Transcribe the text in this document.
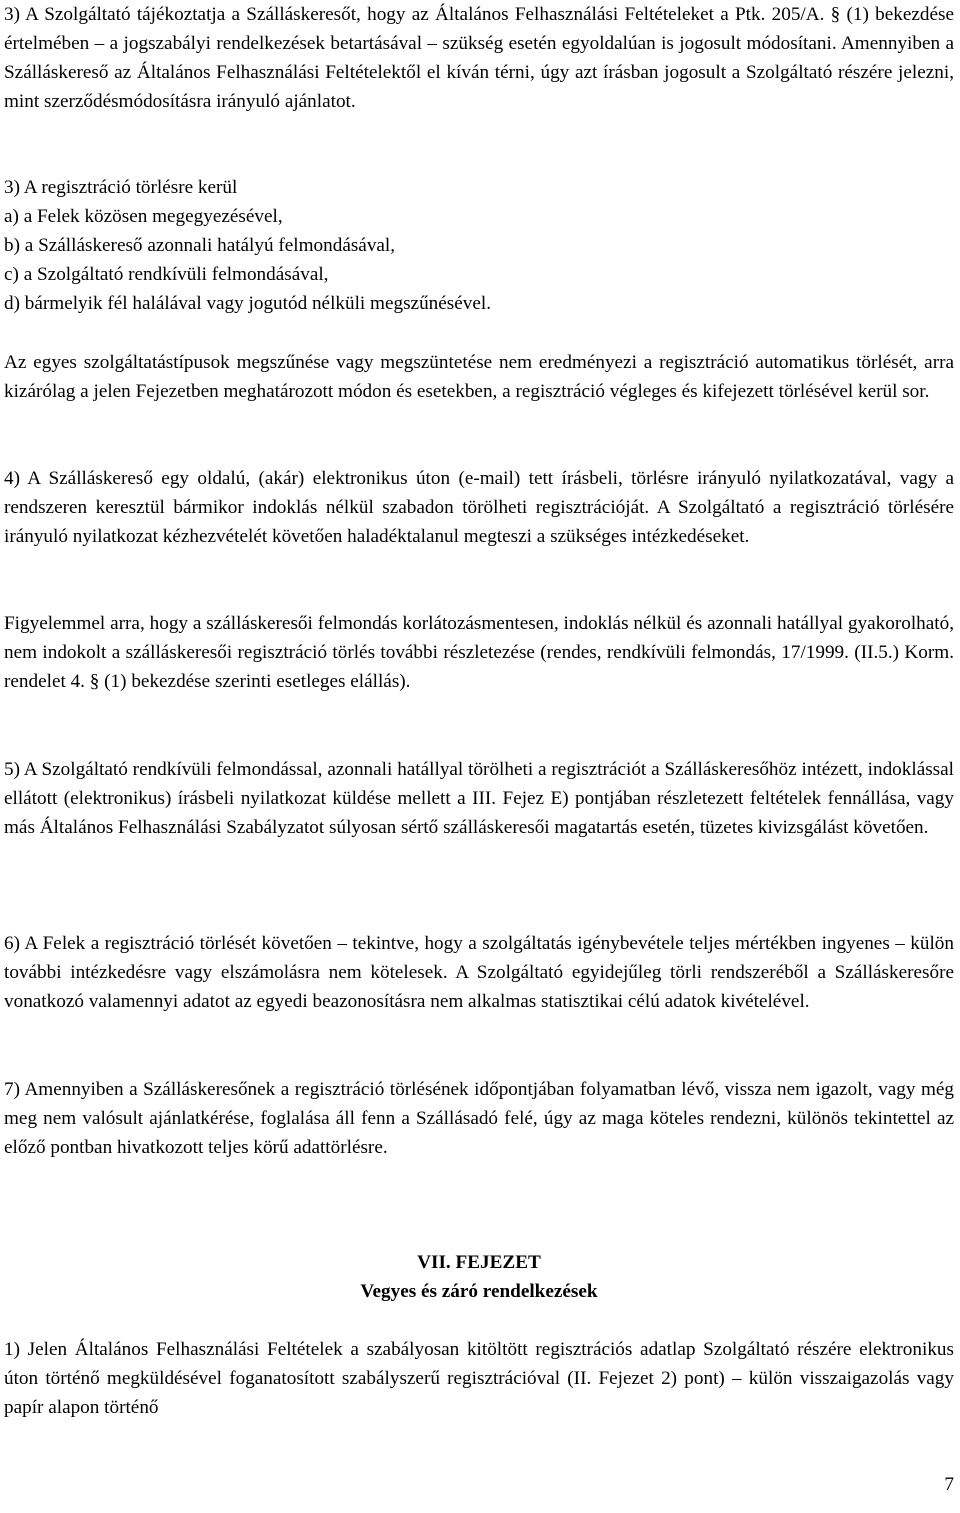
3) A Szolgáltató tájékoztatja a Szálláskeresőt, hogy az Általános Felhasználási Feltételeket a Ptk. 205/A. § (1) bekezdése értelmében – a jogszabályi rendelkezések betartásával – szükség esetén egyoldalúan is jogosult módosítani. Amennyiben a Szálláskereső az Általános Felhasználási Feltételektől el kíván térni, úgy azt írásban jogosult a Szolgáltató részére jelezni, mint szerződésmódosításra irányuló ajánlatot.

3) A regisztráció törlésre kerül
a) a Felek közösen megegyezésével,
b) a Szálláskereső azonnali hatályú felmondásával,
c) a Szolgáltató rendkívüli felmondásával,
d) bármelyik fél halálával vagy jogutód nélküli megszűnésével.

Az egyes szolgáltatástípusok megszűnése vagy megszüntetése nem eredményezi a regisztráció automatikus törlését, arra kizárólag a jelen Fejezetben meghatározott módon és esetekben, a regisztráció végleges és kifejezett törlésével kerül sor.

4) A Szálláskereső egy oldalú, (akár) elektronikus úton (e-mail) tett írásbeli, törlésre irányuló nyilatkozatával, vagy a rendszeren keresztül bármikor indoklás nélkül szabadon törölheti regisztrációját. A Szolgáltató a regisztráció törlésére irányuló nyilatkozat kézhezvételét követően haladéktalanul megteszi a szükséges intézkedéseket.

Figyelemmel arra, hogy a szálláskeresői felmondás korlátozásmentesen, indoklás nélkül és azonnali hatállyal gyakorolható, nem indokolt a szálláskeresői regisztráció törlés további részletezése (rendes, rendkívüli felmondás, 17/1999. (II.5.) Korm. rendelet 4. § (1) bekezdése szerinti esetleges elállás).

5) A Szolgáltató rendkívüli felmondással, azonnali hatállyal törölheti a regisztrációt a Szálláskeresőhöz intézett, indoklással ellátott (elektronikus) írásbeli nyilatkozat küldése mellett a III. Fejez E) pontjában részletezett feltételek fennállása, vagy más Általános Felhasználási Szabályzatot súlyosan sértő szálláskeresői magatartás esetén, tüzetes kivizsgálást követően.

6) A Felek a regisztráció törlését követően – tekintve, hogy a szolgáltatás igénybevétele teljes mértékben ingyenes – külön további intézkedésre vagy elszámolásra nem kötelesek. A Szolgáltató egyidejűleg törli rendszeréből a Szálláskeresőre vonatkozó valamennyi adatot az egyedi beazonosításra nem alkalmas statisztikai célú adatok kivételével.

7) Amennyiben a Szálláskeresőnek a regisztráció törlésének időpontjában folyamatban lévő, vissza nem igazolt, vagy még meg nem valósult ajánlatkérése, foglalása áll fenn a Szállásadó felé, úgy az maga köteles rendezni, különös tekintettel az előző pontban hivatkozott teljes körű adattörlésre.

VII. FEJEZET
Vegyes és záró rendelkezések

1) Jelen Általános Felhasználási Feltételek a szabályosan kitöltött regisztrációs adatlap Szolgáltató részére elektronikus úton történő megküldésével foganatosított szabályszerű regisztrációval (II. Fejezet 2) pont) – külön visszaigazolás vagy papír alapon történő

7
